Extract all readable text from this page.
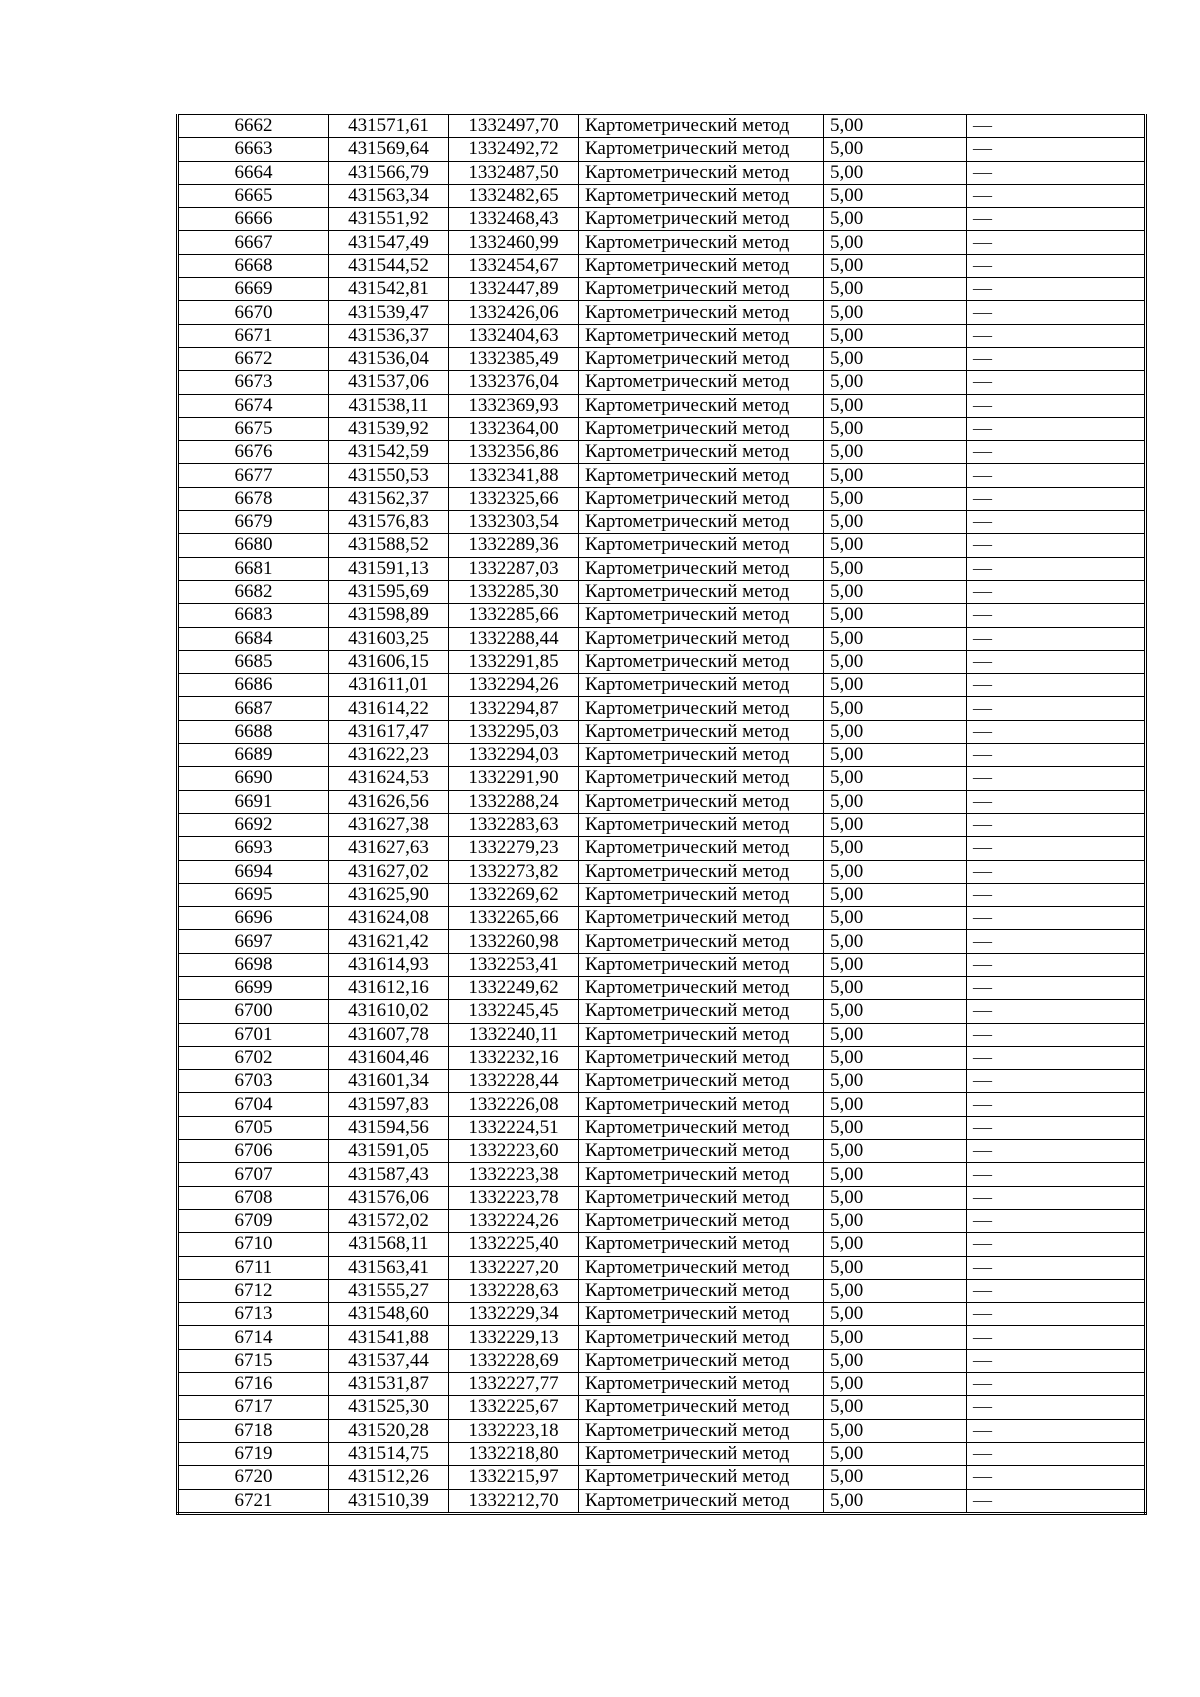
6662	431571,61	1332497,70	Картометрический метод	5,00	—
6663	431569,64	1332492,72	Картометрический метод	5,00	—
6664	431566,79	1332487,50	Картометрический метод	5,00	—
6665	431563,34	1332482,65	Картометрический метод	5,00	—
6666	431551,92	1332468,43	Картометрический метод	5,00	—
6667	431547,49	1332460,99	Картометрический метод	5,00	—
6668	431544,52	1332454,67	Картометрический метод	5,00	—
6669	431542,81	1332447,89	Картометрический метод	5,00	—
6670	431539,47	1332426,06	Картометрический метод	5,00	—
6671	431536,37	1332404,63	Картометрический метод	5,00	—
6672	431536,04	1332385,49	Картометрический метод	5,00	—
6673	431537,06	1332376,04	Картометрический метод	5,00	—
6674	431538,11	1332369,93	Картометрический метод	5,00	—
6675	431539,92	1332364,00	Картометрический метод	5,00	—
6676	431542,59	1332356,86	Картометрический метод	5,00	—
6677	431550,53	1332341,88	Картометрический метод	5,00	—
6678	431562,37	1332325,66	Картометрический метод	5,00	—
6679	431576,83	1332303,54	Картометрический метод	5,00	—
6680	431588,52	1332289,36	Картометрический метод	5,00	—
6681	431591,13	1332287,03	Картометрический метод	5,00	—
6682	431595,69	1332285,30	Картометрический метод	5,00	—
6683	431598,89	1332285,66	Картометрический метод	5,00	—
6684	431603,25	1332288,44	Картометрический метод	5,00	—
6685	431606,15	1332291,85	Картометрический метод	5,00	—
6686	431611,01	1332294,26	Картометрический метод	5,00	—
6687	431614,22	1332294,87	Картометрический метод	5,00	—
6688	431617,47	1332295,03	Картометрический метод	5,00	—
6689	431622,23	1332294,03	Картометрический метод	5,00	—
6690	431624,53	1332291,90	Картометрический метод	5,00	—
6691	431626,56	1332288,24	Картометрический метод	5,00	—
6692	431627,38	1332283,63	Картометрический метод	5,00	—
6693	431627,63	1332279,23	Картометрический метод	5,00	—
6694	431627,02	1332273,82	Картометрический метод	5,00	—
6695	431625,90	1332269,62	Картометрический метод	5,00	—
6696	431624,08	1332265,66	Картометрический метод	5,00	—
6697	431621,42	1332260,98	Картометрический метод	5,00	—
6698	431614,93	1332253,41	Картометрический метод	5,00	—
6699	431612,16	1332249,62	Картометрический метод	5,00	—
6700	431610,02	1332245,45	Картометрический метод	5,00	—
6701	431607,78	1332240,11	Картометрический метод	5,00	—
6702	431604,46	1332232,16	Картометрический метод	5,00	—
6703	431601,34	1332228,44	Картометрический метод	5,00	—
6704	431597,83	1332226,08	Картометрический метод	5,00	—
6705	431594,56	1332224,51	Картометрический метод	5,00	—
6706	431591,05	1332223,60	Картометрический метод	5,00	—
6707	431587,43	1332223,38	Картометрический метод	5,00	—
6708	431576,06	1332223,78	Картометрический метод	5,00	—
6709	431572,02	1332224,26	Картометрический метод	5,00	—
6710	431568,11	1332225,40	Картометрический метод	5,00	—
6711	431563,41	1332227,20	Картометрический метод	5,00	—
6712	431555,27	1332228,63	Картометрический метод	5,00	—
6713	431548,60	1332229,34	Картометрический метод	5,00	—
6714	431541,88	1332229,13	Картометрический метод	5,00	—
6715	431537,44	1332228,69	Картометрический метод	5,00	—
6716	431531,87	1332227,77	Картометрический метод	5,00	—
6717	431525,30	1332225,67	Картометрический метод	5,00	—
6718	431520,28	1332223,18	Картометрический метод	5,00	—
6719	431514,75	1332218,80	Картометрический метод	5,00	—
6720	431512,26	1332215,97	Картометрический метод	5,00	—
6721	431510,39	1332212,70	Картометрический метод	5,00	—
